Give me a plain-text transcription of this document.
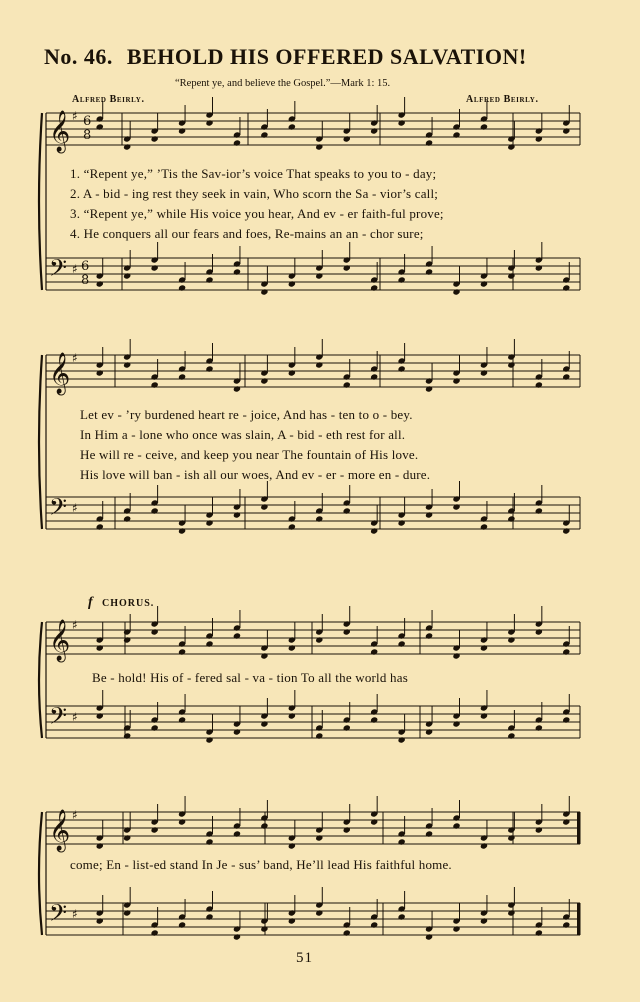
No. 46. BEHOLD HIS OFFERED SALVATION!
“Repent ye, and believe the Gospel.”—Mark 1: 15.
Alfred Beirly.	Alfred Beirly.
𝄞
𝄢
♯
♯
6
8
6
8
𝄞
𝄢
♯
♯
𝄞
𝄢
♯
♯
𝄞
𝄢
♯
♯
1. “Repent ye,” ’Tis the Sav-ior’s voice That speaks to you to - day;
2. A - bid - ing rest they seek in vain, Who scorn the Sa - vior’s call;
3. “Repent ye,” while His voice you hear, And ev - er faith-ful prove;
4. He conquers all our fears and foes, Re-mains an an - chor sure;
Let ev - ’ry burdened heart re - joice, And has - ten to o - bey.
In Him a - lone who once was slain, A - bid - eth rest for all.
He will re - ceive, and keep you near The fountain of His love.
His love will ban - ish all our woes, And ev - er - more en - dure.
f CHORUS.
Be - hold! His of - fered sal - va - tion To all the world has
come; En - list-ed stand In Je - sus’ band, He’ll lead His faithful home.
51
